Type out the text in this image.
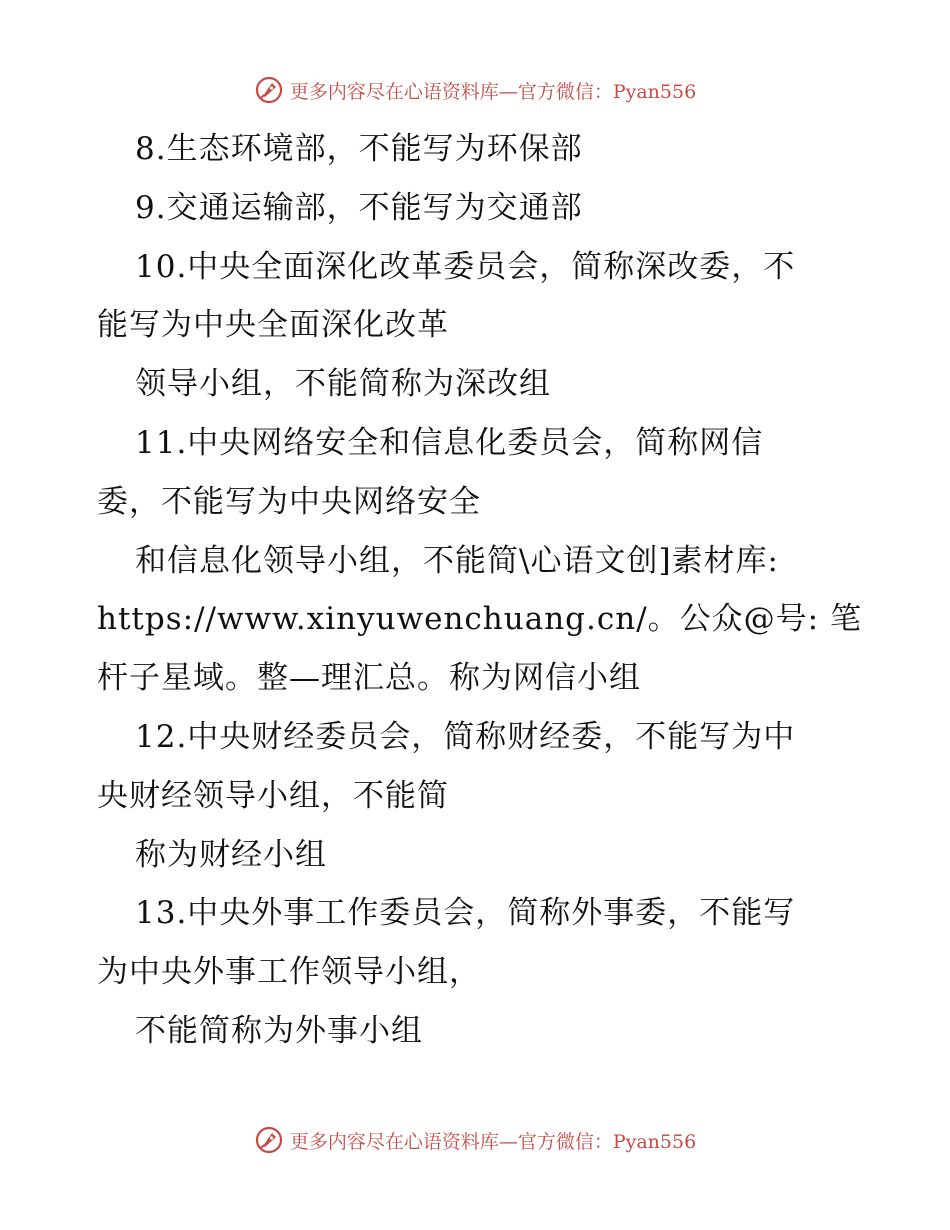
更多内容尽在心语资料库—官方微信：Pyan556
8.生态环境部，不能写为环保部
9.交通运输部，不能写为交通部
10.中央全面深化改革委员会，简称深改委，不
能写为中央全面深化改革
领导小组，不能简称为深改组
11.中央网络安全和信息化委员会，简称网信
委，不能写为中央网络安全
和信息化领导小组，不能简\心语文创]素材库:
https://www.xinyuwenchuang.cn/。公众@号: 笔
杆子星域。整—理汇总。称为网信小组
12.中央财经委员会，简称财经委，不能写为中
央财经领导小组，不能简
称为财经小组
13.中央外事工作委员会，简称外事委，不能写
为中央外事工作领导小组，
不能简称为外事小组
更多内容尽在心语资料库—官方微信：Pyan556
